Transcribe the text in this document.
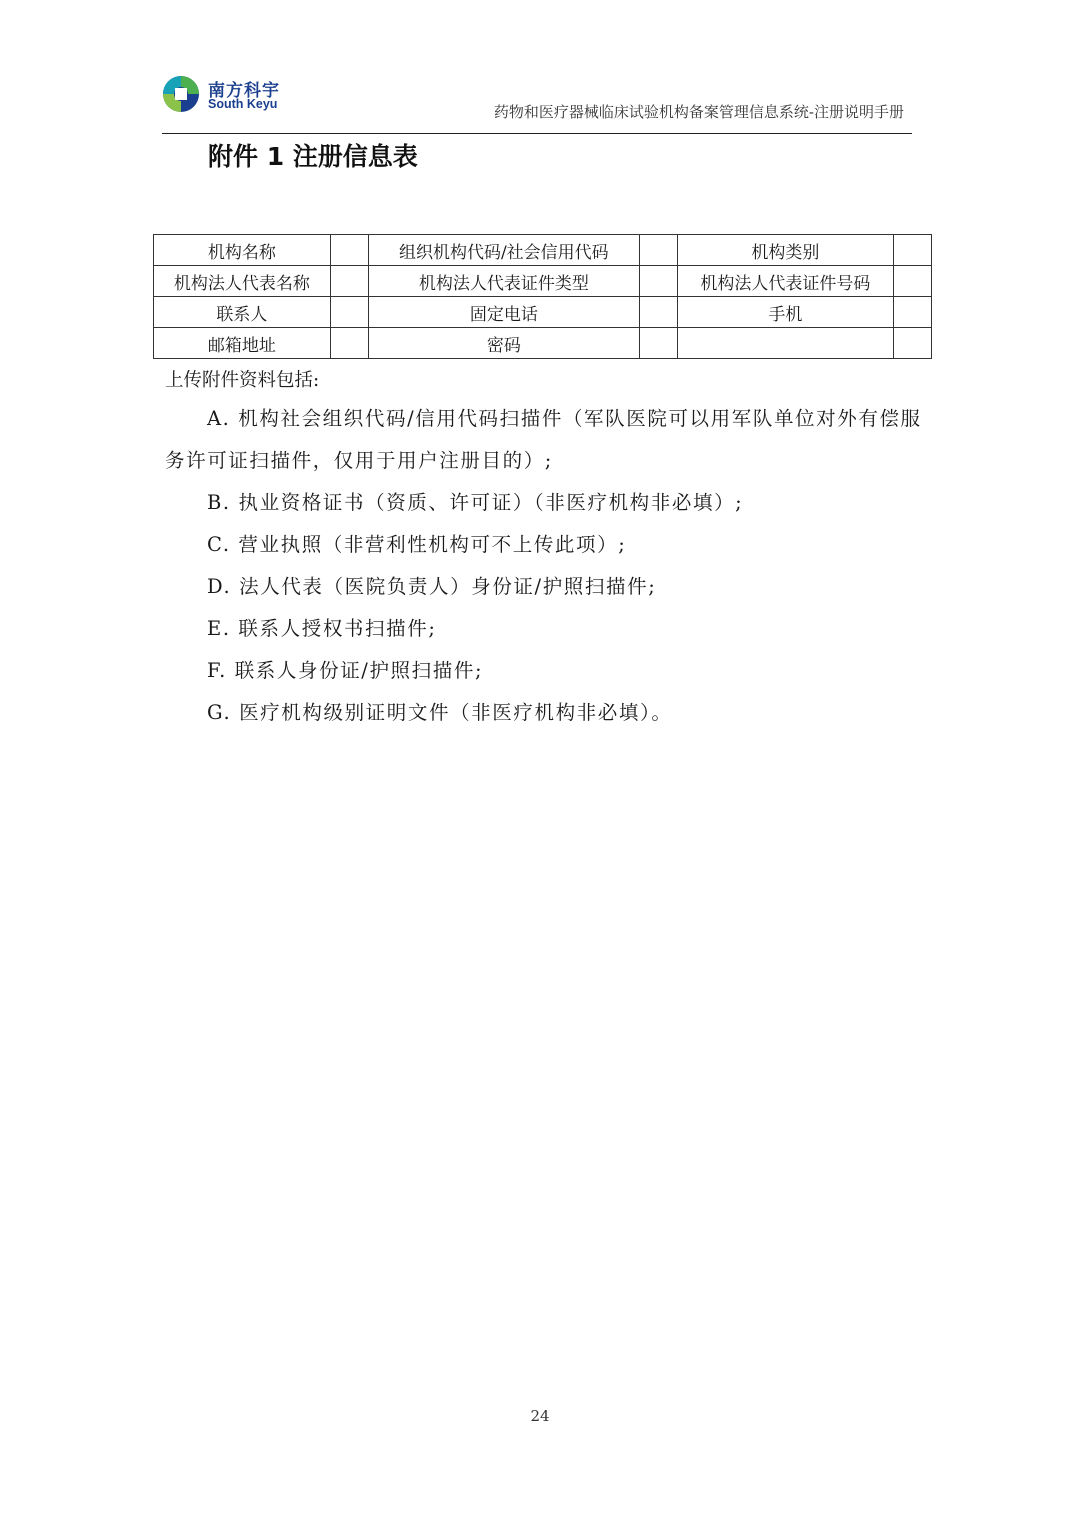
南方科宇
South Keyu	药物和医疗器械临床试验机构备案管理信息系统-注册说明手册
附件 1 注册信息表
机构名称		组织机构代码/社会信用代码		机构类别	
机构法人代表名称		机构法人代表证件类型		机构法人代表证件号码	
联系人		固定电话		手机	
邮箱地址		密码			
上传附件资料包括:

A. 机构社会组织代码/信用代码扫描件（军队医院可以用军队单位对外有偿服务许可证扫描件，仅用于用户注册目的）;

B. 执业资格证书（资质、许可证）（非医疗机构非必填）;

C. 营业执照（非营利性机构可不上传此项）;

D. 法人代表（医院负责人）身份证/护照扫描件;

E. 联系人授权书扫描件;

F. 联系人身份证/护照扫描件;

G. 医疗机构级别证明文件（非医疗机构非必填）。

24
